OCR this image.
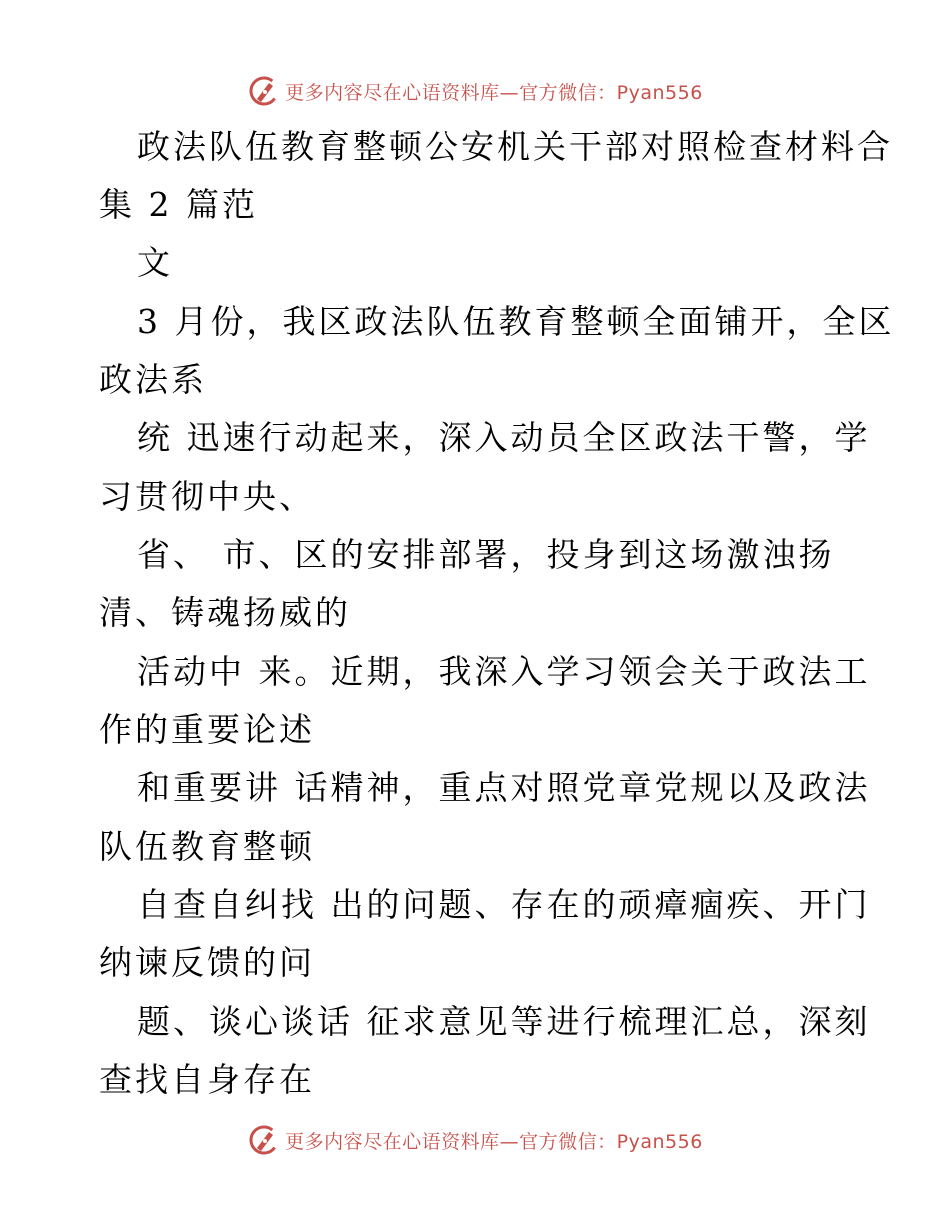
更多内容尽在心语资料库—官方微信：Pyan556
政法队伍教育整顿公安机关干部对照检查材料合
集 2 篇范
文
3 月份，我区政法队伍教育整顿全面铺开，全区
政法系
统 迅速行动起来，深入动员全区政法干警，学
习贯彻中央、
省、 市、区的安排部署，投身到这场激浊扬
清、铸魂扬威的
活动中 来。近期，我深入学习领会关于政法工
作的重要论述
和重要讲 话精神，重点对照党章党规以及政法
队伍教育整顿
自查自纠找 出的问题、存在的顽瘴痼疾、开门
纳谏反馈的问
题、谈心谈话 征求意见等进行梳理汇总，深刻
查找自身存在
更多内容尽在心语资料库—官方微信：Pyan556
